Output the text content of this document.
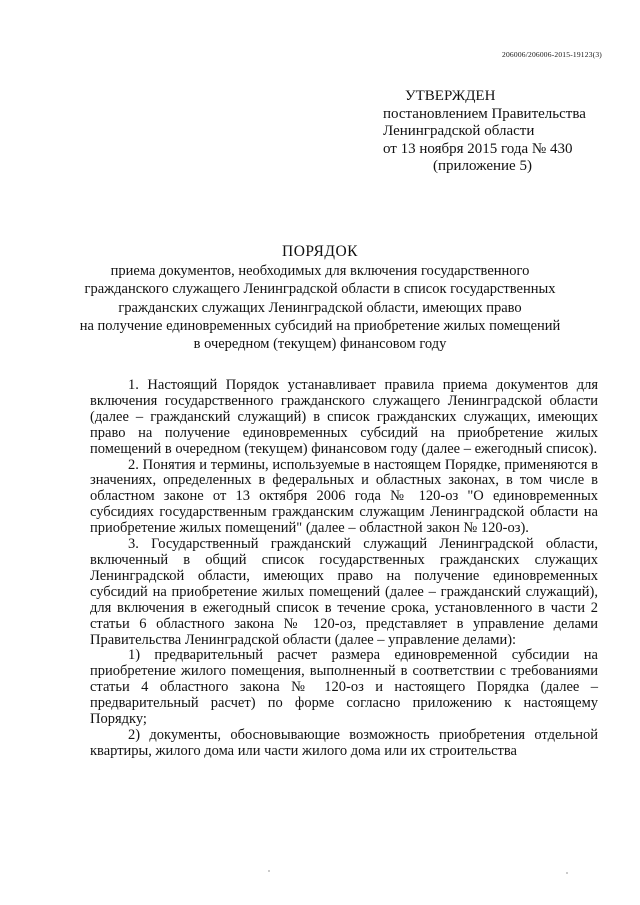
206006/206006-2015-19123(3)
УТВЕРЖДЕН
постановлением Правительства
Ленинградской области
от 13 ноября 2015 года № 430
(приложение 5)
ПОРЯДОК
приема документов, необходимых для включения государственного
гражданского служащего Ленинградской области в список государственных
гражданских служащих Ленинградской области, имеющих право
на получение единовременных субсидий на приобретение жилых помещений
в очередном (текущем) финансовом году

1. Настоящий Порядок устанавливает правила приема документов для включения государственного гражданского служащего Ленинградской области (далее – гражданский служащий) в список гражданских служащих, имеющих право на получение единовременных субсидий на приобретение жилых помещений в очередном (текущем) финансовом году (далее – ежегодный список).

2. Понятия и термины, используемые в настоящем Порядке, применяются в значениях, определенных в федеральных и областных законах, в том числе в областном законе от 13 октября 2006 года № 120-оз "О единовременных субсидиях государственным гражданским служащим Ленинградской области на приобретение жилых помещений" (далее – областной закон № 120-оз).

3. Государственный гражданский служащий Ленинградской области, включенный в общий список государственных гражданских служащих Ленинградской области, имеющих право на получение единовременных субсидий на приобретение жилых помещений (далее – гражданский служащий), для включения в ежегодный список в течение срока, установленного в части 2 статьи 6 областного закона № 120-оз, представляет в управление делами Правительства Ленинградской области (далее – управление делами):

1) предварительный расчет размера единовременной субсидии на приобретение жилого помещения, выполненный в соответствии с требованиями статьи 4 областного закона № 120-оз и настоящего Порядка (далее – предварительный расчет) по форме согласно приложению к настоящему Порядку;

2) документы, обосновывающие возможность приобретения отдельной квартиры, жилого дома или части жилого дома или их строительства
